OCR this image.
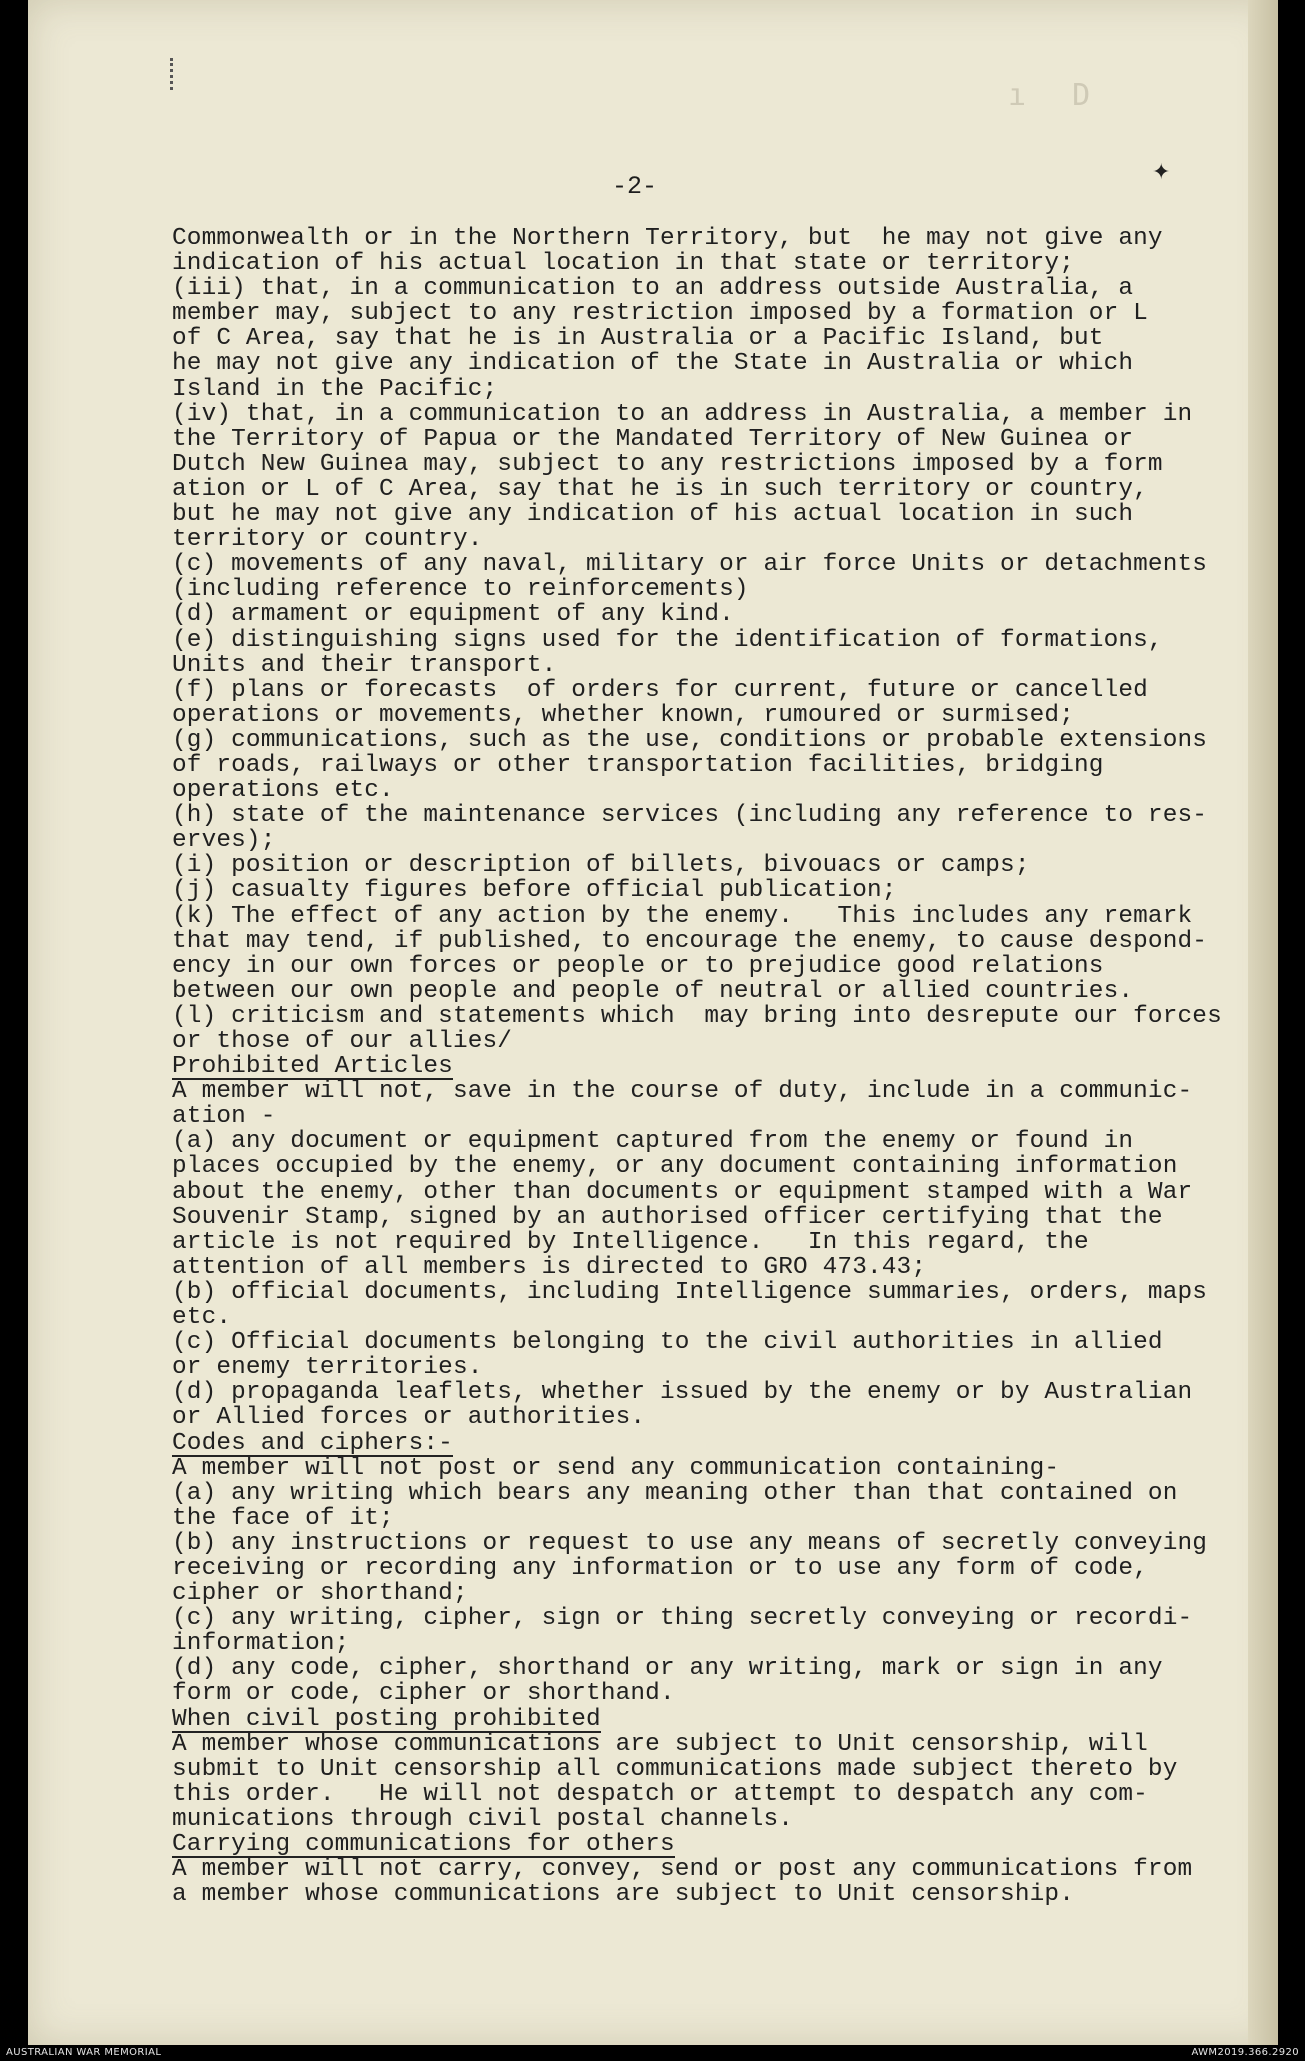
ı D
✦
-2-
Commonwealth or in the Northern Territory, but  he may not give any
indication of his actual location in that state or territory;
(iii) that, in a communication to an address outside Australia, a
member may, subject to any restriction imposed by a formation or L
of C Area, say that he is in Australia or a Pacific Island, but
he may not give any indication of the State in Australia or which
Island in the Pacific;
(iv) that, in a communication to an address in Australia, a member in
the Territory of Papua or the Mandated Territory of New Guinea or
Dutch New Guinea may, subject to any restrictions imposed by a form
ation or L of C Area, say that he is in such territory or country,
but he may not give any indication of his actual location in such
territory or country.
(c) movements of any naval, military or air force Units or detachments
(including reference to reinforcements)
(d) armament or equipment of any kind.
(e) distinguishing signs used for the identification of formations,
Units and their transport.
(f) plans or forecasts  of orders for current, future or cancelled
operations or movements, whether known, rumoured or surmised;
(g) communications, such as the use, conditions or probable extensions
of roads, railways or other transportation facilities, bridging
operations etc.
(h) state of the maintenance services (including any reference to res-
erves);
(i) position or description of billets, bivouacs or camps;
(j) casualty figures before official publication;
(k) The effect of any action by the enemy.   This includes any remark
that may tend, if published, to encourage the enemy, to cause despond-
ency in our own forces or people or to prejudice good relations
between our own people and people of neutral or allied countries.
(l) criticism and statements which  may bring into desrepute our forces
or those of our allies/
Prohibited Articles
A member will not, save in the course of duty, include in a communic-
ation -
(a) any document or equipment captured from the enemy or found in
places occupied by the enemy, or any document containing information
about the enemy, other than documents or equipment stamped with a War
Souvenir Stamp, signed by an authorised officer certifying that the
article is not required by Intelligence.   In this regard, the
attention of all members is directed to GRO 473.43;
(b) official documents, including Intelligence summaries, orders, maps
etc.
(c) Official documents belonging to the civil authorities in allied
or enemy territories.
(d) propaganda leaflets, whether issued by the enemy or by Australian
or Allied forces or authorities.
Codes and ciphers:-
A member will not post or send any communication containing-
(a) any writing which bears any meaning other than that contained on
the face of it;
(b) any instructions or request to use any means of secretly conveying
receiving or recording any information or to use any form of code,
cipher or shorthand;
(c) any writing, cipher, sign or thing secretly conveying or recordi-
information;
(d) any code, cipher, shorthand or any writing, mark or sign in any
form or code, cipher or shorthand.
When civil posting prohibited
A member whose communications are subject to Unit censorship, will
submit to Unit censorship all communications made subject thereto by
this order.   He will not despatch or attempt to despatch any com-
munications through civil postal channels.
Carrying communications for others
A member will not carry, convey, send or post any communications from
a member whose communications are subject to Unit censorship.
AUSTRALIAN WAR MEMORIAL	AWM2019.366.2920
